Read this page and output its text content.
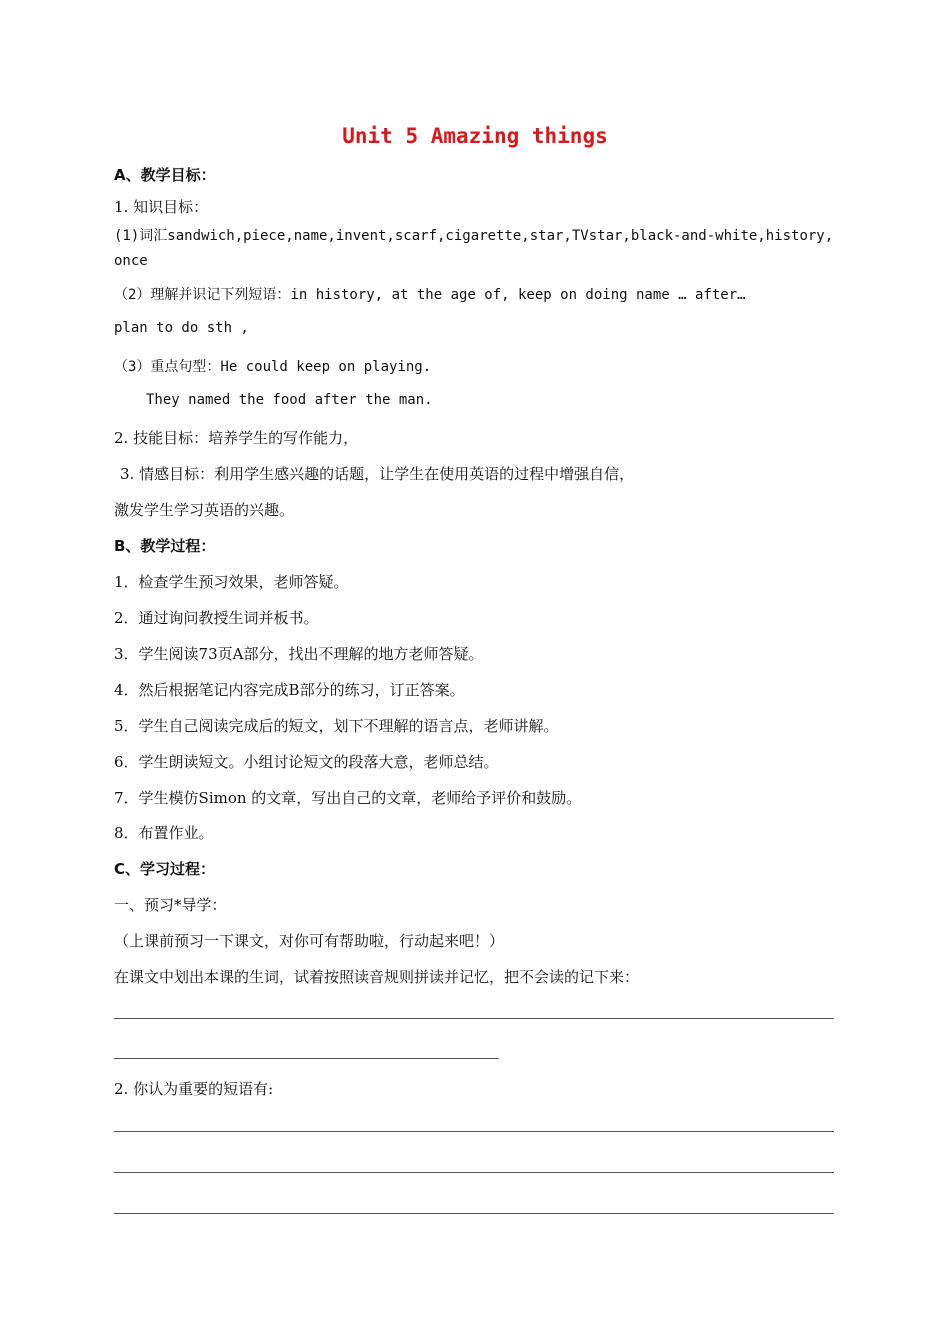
Unit 5 Amazing things
A、教学目标：
1. 知识目标：
(1)词汇sandwich,piece,name,invent,scarf,cigarette,star,TVstar,black-and-white,history,
once
（2）理解并识记下列短语：in history, at the age of, keep on doing name … after…
plan to do sth ,
（3）重点句型：He could keep on playing.
They named the food after the man.
2. 技能目标：培养学生的写作能力，
3. 情感目标：利用学生感兴趣的话题，让学生在使用英语的过程中增强自信，
激发学生学习英语的兴趣。
B、教学过程：
1．检查学生预习效果，老师答疑。
2．通过询问教授生词并板书。
3．学生阅读73页A部分，找出不理解的地方老师答疑。
4．然后根据笔记内容完成B部分的练习，订正答案。
5．学生自己阅读完成后的短文，划下不理解的语言点，老师讲解。
6．学生朗读短文。小组讨论短文的段落大意，老师总结。
7．学生模仿Simon 的文章，写出自己的文章，老师给予评价和鼓励。
8．布置作业。
C、学习过程：
一、预习*导学：
（上课前预习一下课文，对你可有帮助啦，行动起来吧！）
在课文中划出本课的生词，试着按照读音规则拼读并记忆，把不会读的记下来：
2. 你认为重要的短语有:
